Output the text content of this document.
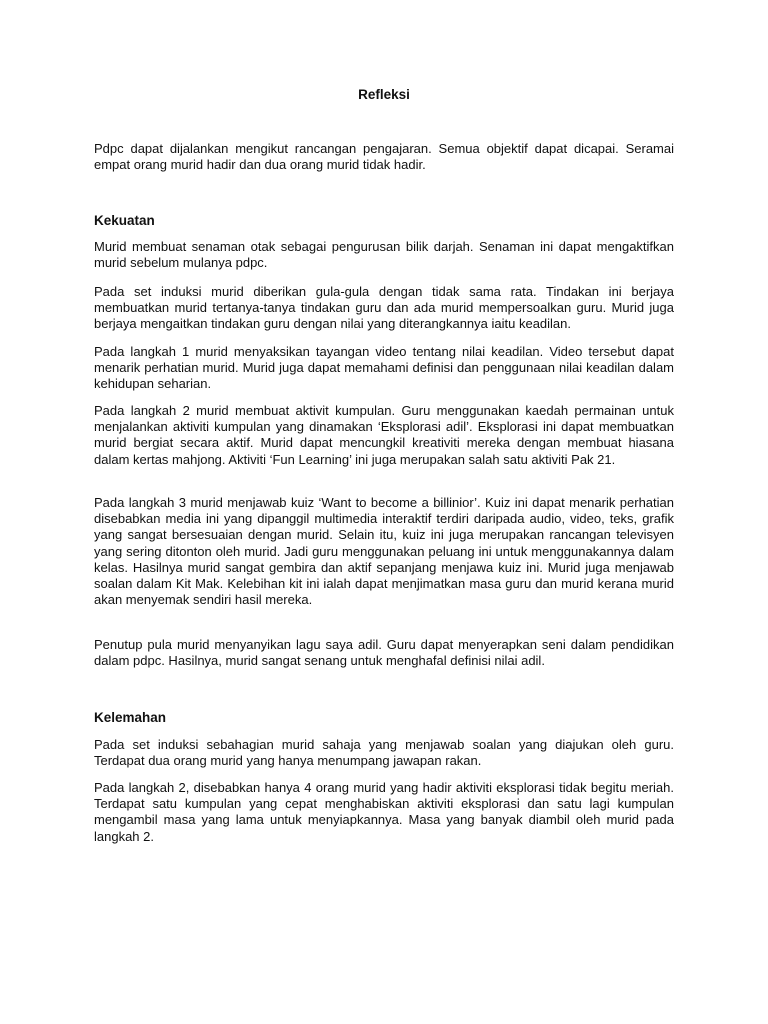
Refleksi

Pdpc dapat dijalankan mengikut rancangan pengajaran. Semua objektif dapat dicapai. Seramai empat orang murid hadir dan dua orang murid tidak hadir.

Kekuatan

Murid membuat senaman otak sebagai pengurusan bilik darjah. Senaman ini dapat mengaktifkan murid sebelum mulanya pdpc.

Pada set induksi murid diberikan gula-gula dengan tidak sama rata. Tindakan ini berjaya membuatkan murid tertanya-tanya tindakan guru dan ada murid mempersoalkan guru. Murid juga berjaya mengaitkan tindakan guru dengan nilai yang diterangkannya iaitu keadilan.

Pada langkah 1 murid menyaksikan tayangan video tentang nilai keadilan. Video tersebut dapat menarik perhatian murid. Murid juga dapat memahami definisi dan penggunaan nilai keadilan dalam kehidupan seharian.

Pada langkah 2 murid membuat aktivit kumpulan. Guru menggunakan kaedah permainan untuk menjalankan aktiviti kumpulan yang dinamakan ‘Eksplorasi adil’. Eksplorasi ini dapat membuatkan murid bergiat secara aktif. Murid dapat mencungkil kreativiti mereka dengan membuat hiasana dalam kertas mahjong. Aktiviti ‘Fun Learning’ ini juga merupakan salah satu aktiviti Pak 21.

Pada langkah 3 murid menjawab kuiz ‘Want to become a billinior’. Kuiz ini dapat menarik perhatian disebabkan media ini yang dipanggil multimedia interaktif terdiri daripada audio, video, teks, grafik yang sangat bersesuaian dengan murid. Selain itu, kuiz ini juga merupakan rancangan televisyen yang sering ditonton oleh murid. Jadi guru menggunakan peluang ini untuk menggunakannya dalam kelas. Hasilnya murid sangat gembira dan aktif sepanjang menjawa kuiz ini. Murid juga menjawab soalan dalam Kit Mak. Kelebihan kit ini ialah dapat menjimatkan masa guru dan murid kerana murid akan menyemak sendiri hasil mereka.

Penutup pula murid menyanyikan lagu saya adil. Guru dapat menyerapkan seni dalam pendidikan dalam pdpc. Hasilnya, murid sangat senang untuk menghafal definisi nilai adil.

Kelemahan

Pada set induksi sebahagian murid sahaja yang menjawab soalan yang diajukan oleh guru. Terdapat dua orang murid yang hanya menumpang jawapan rakan.

Pada langkah 2, disebabkan hanya 4 orang murid yang hadir aktiviti eksplorasi tidak begitu meriah. Terdapat satu kumpulan yang cepat menghabiskan aktiviti eksplorasi dan satu lagi kumpulan mengambil masa yang lama untuk menyiapkannya. Masa yang banyak diambil oleh murid pada langkah 2.
